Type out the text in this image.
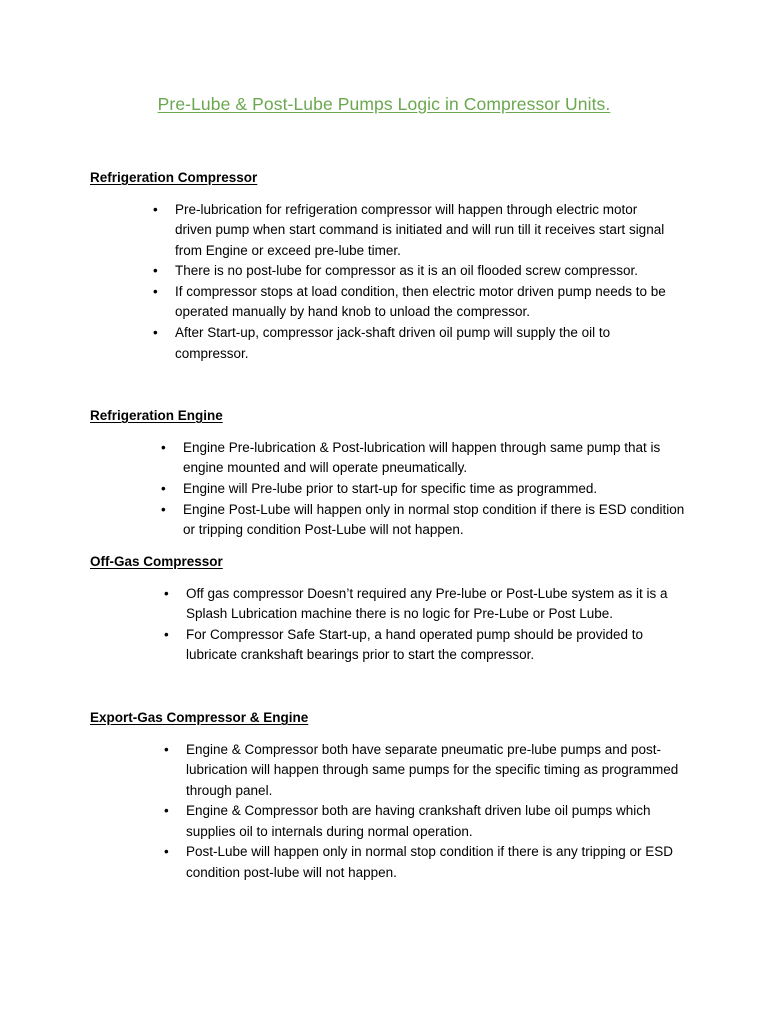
Pre-Lube & Post-Lube Pumps Logic in Compressor Units.
Refrigeration Compressor
• Pre-lubrication for refrigeration compressor will happen through electric motor driven pump when start command is initiated and will run till it receives start signal from Engine or exceed pre-lube timer.
• There is no post-lube for compressor as it is an oil flooded screw compressor.
• If compressor stops at load condition, then electric motor driven pump needs to be operated manually by hand knob to unload the compressor.
• After Start-up, compressor jack-shaft driven oil pump will supply the oil to compressor.
Refrigeration Engine
• Engine Pre-lubrication & Post-lubrication will happen through same pump that is engine mounted and will operate pneumatically.
• Engine will Pre-lube prior to start-up for specific time as programmed.
• Engine Post-Lube will happen only in normal stop condition if there is ESD condition or tripping condition Post-Lube will not happen.
Off-Gas Compressor
• Off gas compressor Doesn’t required any Pre-lube or Post-Lube system as it is a Splash Lubrication machine there is no logic for Pre-Lube or Post Lube.
• For Compressor Safe Start-up, a hand operated pump should be provided to lubricate crankshaft bearings prior to start the compressor.
Export-Gas Compressor & Engine
• Engine & Compressor both have separate pneumatic pre-lube pumps and post-lubrication will happen through same pumps for the specific timing as programmed through panel.
• Engine & Compressor both are having crankshaft driven lube oil pumps which supplies oil to internals during normal operation.
• Post-Lube will happen only in normal stop condition if there is any tripping or ESD condition post-lube will not happen.
